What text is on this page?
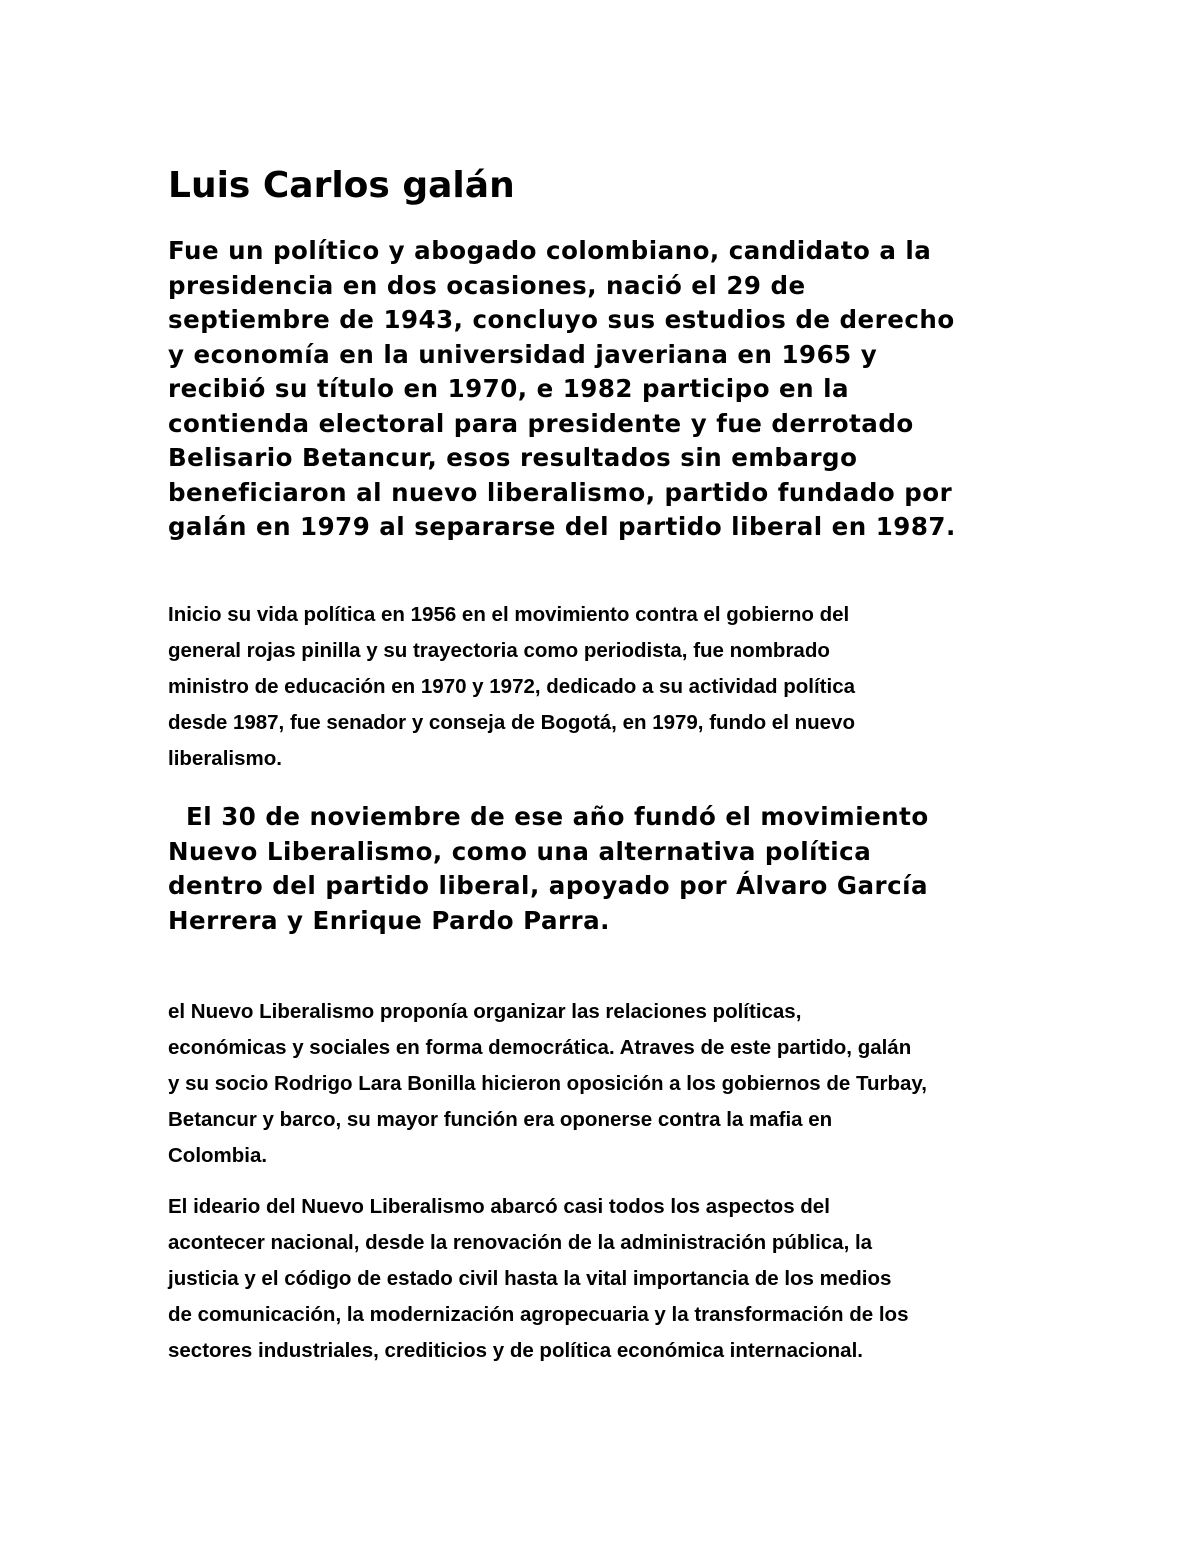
Luis Carlos galán

Fue un político y abogado colombiano, candidato a la
presidencia en dos ocasiones, nació el 29 de
septiembre de 1943, concluyo sus estudios de derecho
y economía en la universidad javeriana en 1965 y
recibió su título en 1970, e 1982 participo en la
contienda electoral para presidente y fue derrotado
Belisario Betancur, esos resultados sin embargo
beneficiaron al nuevo liberalismo, partido fundado por
galán en 1979 al separarse del partido liberal en 1987.

Inicio su vida política en 1956 en el movimiento contra el gobierno del
general rojas pinilla y su trayectoria como periodista, fue nombrado
ministro de educación en 1970 y 1972, dedicado a su actividad política
desde 1987, fue senador y conseja de Bogotá, en 1979, fundo el nuevo
liberalismo.

El 30 de noviembre de ese año fundó el movimiento
Nuevo Liberalismo, como una alternativa política
dentro del partido liberal, apoyado por Álvaro García
Herrera y Enrique Pardo Parra.

el Nuevo Liberalismo proponía organizar las relaciones políticas,
económicas y sociales en forma democrática. Atraves de este partido, galán
y su socio Rodrigo Lara Bonilla hicieron oposición a los gobiernos de Turbay,
Betancur y barco, su mayor función era oponerse contra la mafia en
Colombia.

El ideario del Nuevo Liberalismo abarcó casi todos los aspectos del
acontecer nacional, desde la renovación de la administración pública, la
justicia y el código de estado civil hasta la vital importancia de los medios
de comunicación, la modernización agropecuaria y la transformación de los
sectores industriales, crediticios y de política económica internacional.
